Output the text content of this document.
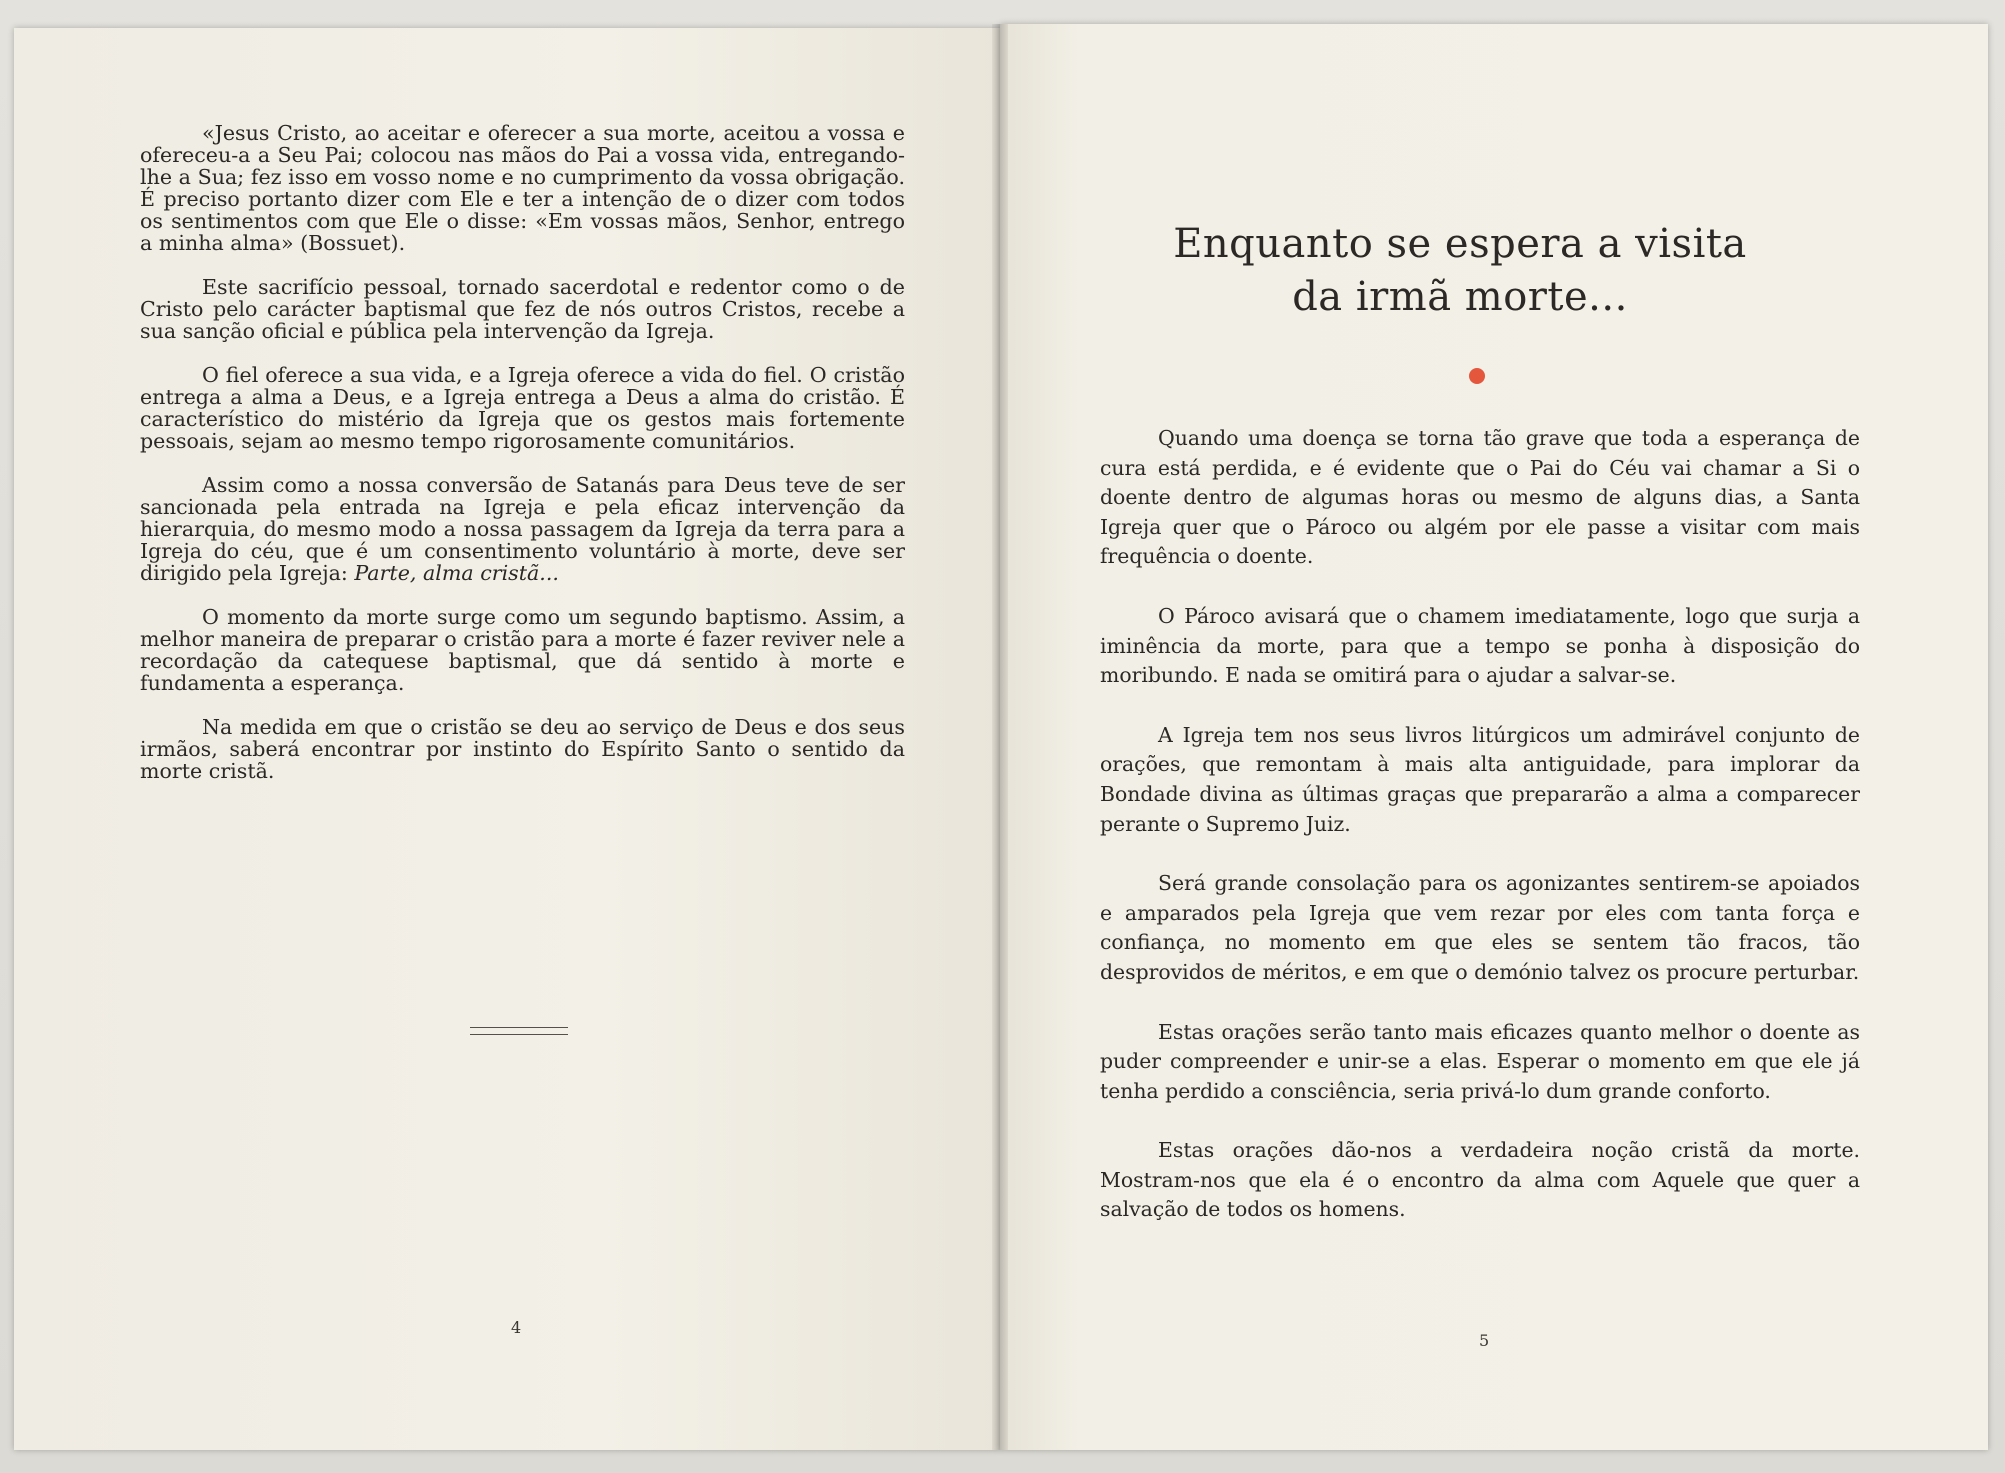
«Jesus Cristo, ao aceitar e oferecer a sua morte, aceitou a vossa e ofereceu-a a Seu Pai; colocou nas mãos do Pai a vossa vida, entregando-lhe a Sua; fez isso em vosso nome e no cumprimento da vossa obrigação. É preciso portanto dizer com Ele e ter a intenção de o dizer com todos os sentimentos com que Ele o disse: «Em vossas mãos, Senhor, entrego a minha alma» (Bossuet).

Este sacrifício pessoal, tornado sacerdotal e redentor como o de Cristo pelo carácter baptismal que fez de nós outros Cristos, recebe a sua sanção oficial e pública pela intervenção da Igreja.

O fiel oferece a sua vida, e a Igreja oferece a vida do fiel. O cristão entrega a alma a Deus, e a Igreja entrega a Deus a alma do cristão. É característico do mistério da Igreja que os gestos mais fortemente pessoais, sejam ao mesmo tempo rigorosamente comunitários.

Assim como a nossa conversão de Satanás para Deus teve de ser sancionada pela entrada na Igreja e pela eficaz intervenção da hierarquia, do mesmo modo a nossa passagem da Igreja da terra para a Igreja do céu, que é um consentimento voluntário à morte, deve ser dirigido pela Igreja: Parte, alma cristã...

O momento da morte surge como um segundo baptismo. Assim, a melhor maneira de preparar o cristão para a morte é fazer reviver nele a recordação da catequese baptismal, que dá sentido à morte e fundamenta a esperança.

Na medida em que o cristão se deu ao serviço de Deus e dos seus irmãos, saberá encontrar por instinto do Espírito Santo o sentido da morte cristã.

4
Enquanto se espera a visita
da irmã morte...

Quando uma doença se torna tão grave que toda a esperança de cura está perdida, e é evidente que o Pai do Céu vai chamar a Si o doente dentro de algumas horas ou mesmo de alguns dias, a Santa Igreja quer que o Pároco ou algém por ele passe a visitar com mais frequência o doente.

O Pároco avisará que o chamem imediatamente, logo que surja a iminência da morte, para que a tempo se ponha à disposição do moribundo. E nada se omitirá para o ajudar a salvar-se.

A Igreja tem nos seus livros litúrgicos um admirável conjunto de orações, que remontam à mais alta antiguidade, para implorar da Bondade divina as últimas graças que prepararão a alma a comparecer perante o Supremo Juiz.

Será grande consolação para os agonizantes sentirem-se apoiados e amparados pela Igreja que vem rezar por eles com tanta força e confiança, no momento em que eles se sentem tão fracos, tão desprovidos de méritos, e em que o demónio talvez os procure perturbar.

Estas orações serão tanto mais eficazes quanto melhor o doente as puder compreender e unir-se a elas. Esperar o momento em que ele já tenha perdido a consciência, seria privá-lo dum grande conforto.

Estas orações dão-nos a verdadeira noção cristã da morte. Mostram-nos que ela é o encontro da alma com Aquele que quer a salvação de todos os homens.

5
